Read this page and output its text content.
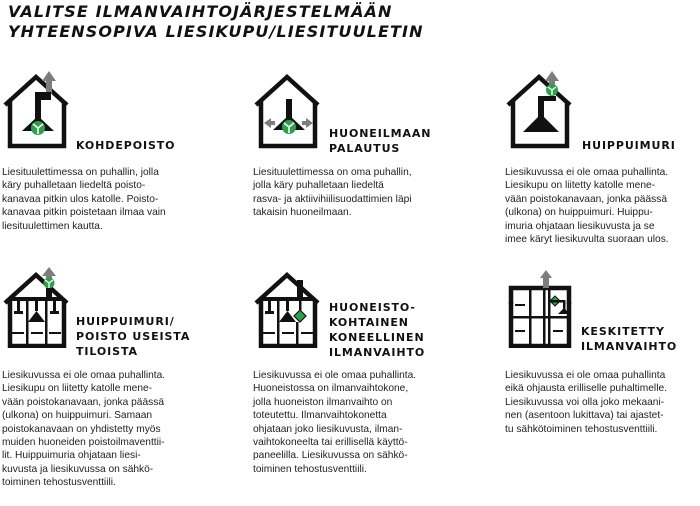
VALITSE ILMANVAIHTOJÄRJESTELMÄÄN
YHTEENSOPIVA LIESIKUPU/LIESITUULETIN
KOHDEPOISTO

Liesituulettimessa on puhallin, jolla
käry puhalletaan liedeltä poisto-
kanavaa pitkin ulos katolle. Poisto-
kanavaa pitkin poistetaan ilmaa vain
liesituulettimen kautta.

HUONEILMAAN
PALAUTUS

Liesituulettimessa on oma puhallin,
jolla käry puhalletaan liedeltä
rasva- ja aktiivihiilisuodattimien läpi
takaisin huoneilmaan.

HUIPPUIMURI

Liesikuvussa ei ole omaa puhallinta.
Liesikupu on liitetty katolle mene-
vään poistokanavaan, jonka päässä
(ulkona) on huippuimuri. Huippu-
imuria ohjataan liesikuvusta ja se
imee käryt liesikuvulta suoraan ulos.

HUIPPUIMURI/
POISTO USEISTA
TILOISTA

Liesikuvussa ei ole omaa puhallinta.
Liesikupu on liitetty katolle mene-
vään poistokanavaan, jonka päässä
(ulkona) on huippuimuri. Samaan
poistokanavaan on yhdistetty myös
muiden huoneiden poistoilmaventtii-
lit. Huippuimuria ohjataan liesi-
kuvusta ja liesikuvussa on sähkö-
toiminen tehostusventtiili.

HUONEISTO-
KOHTAINEN
KONEELLINEN
ILMANVAIHTO

Liesikuvussa ei ole omaa puhallinta.
Huoneistossa on ilmanvaihtokone,
jolla huoneiston ilmanvaihto on
toteutettu. Ilmanvaihtokonetta
ohjataan joko liesikuvusta, ilman-
vaihtokoneelta tai erillisellä käyttö-
paneelilla. Liesikuvussa on sähkö-
toiminen tehostusventtiili.

KESKITETTY
ILMANVAIHTO

Liesikuvussa ei ole omaa puhallinta
eikä ohjausta erilliselle puhaltimelle.
Liesikuvussa voi olla joko mekaani-
nen (asentoon lukittava) tai ajastet-
tu sähkötoiminen tehostusventtiili.
